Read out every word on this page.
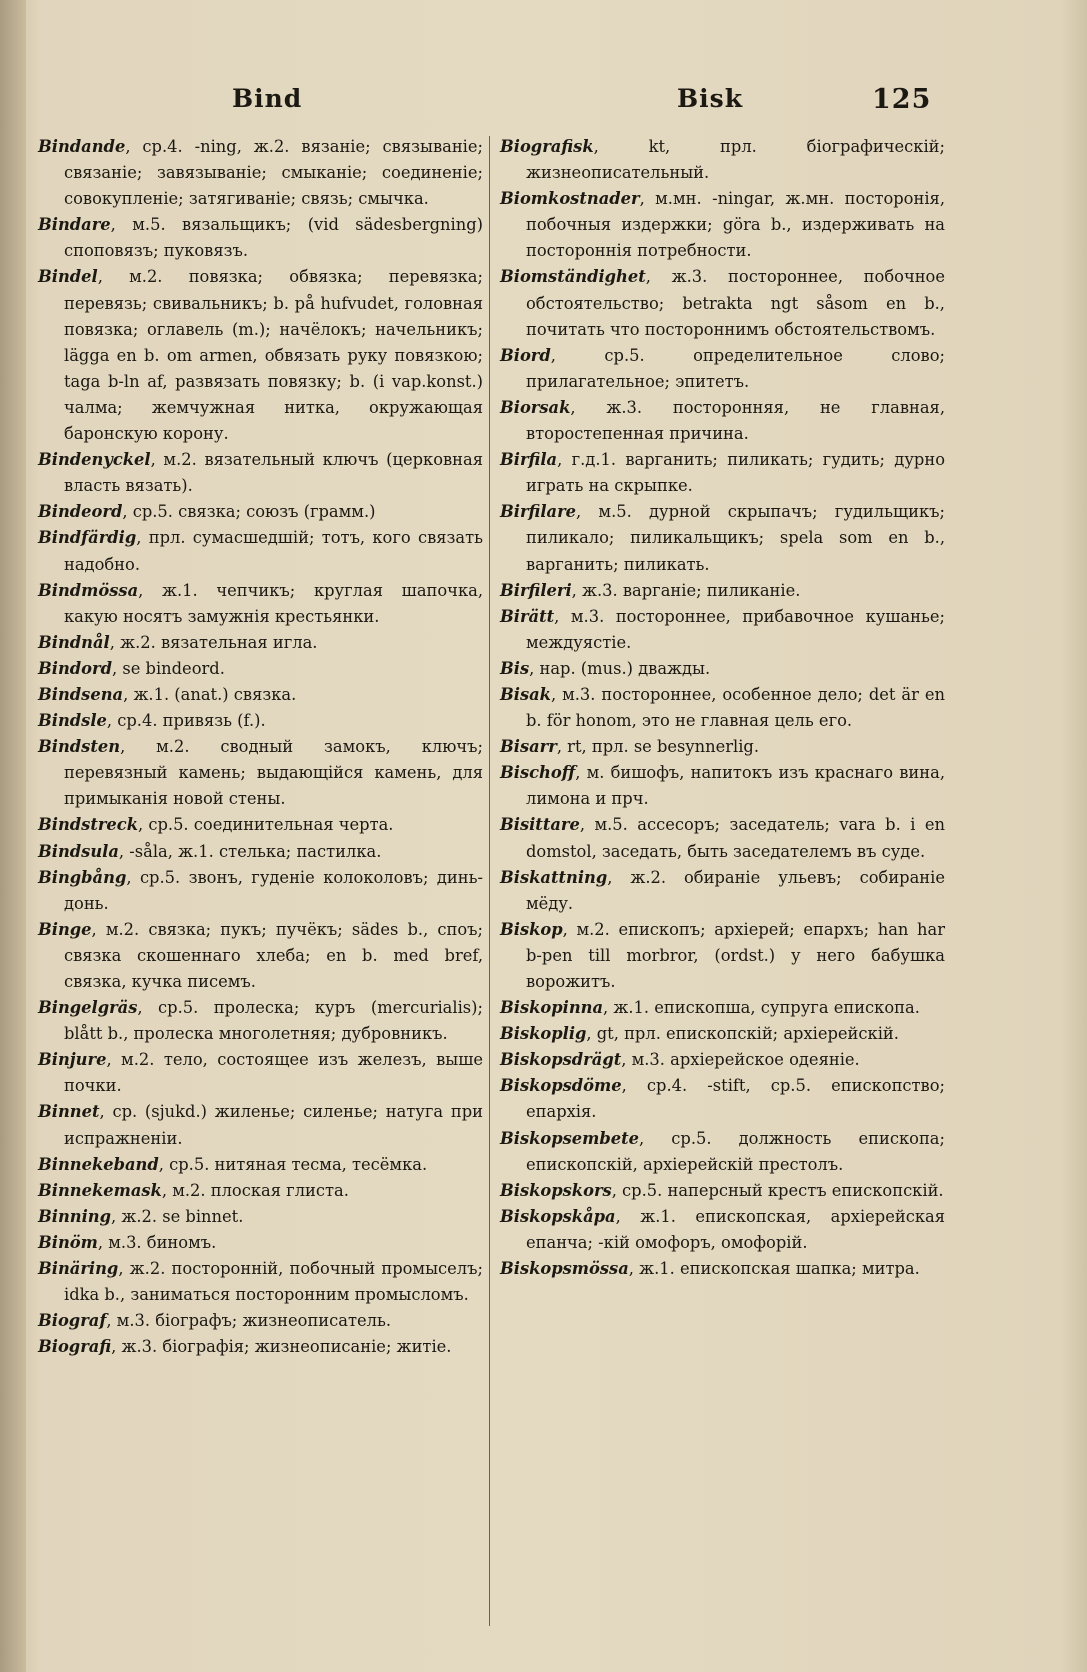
Bind	Bisk	125

Bindande, ср.4. -ning, ж.2. вязаніе; связываніе; связаніе; завязываніе; смыканіе; соединеніе; совокупленіе; затягиваніе; связь; смычка.

Bindare, м.5. вязальщикъ; (vid sädesbergning) споповязъ; пуковязъ.

Bindel, м.2. повязка; обвязка; перевязка; перевязь; свивальникъ; b. på hufvudet, головная повязка; оглавель (m.); начёлокъ; начельникъ; lägga en b. om armen, обвязать руку повязкою; taga b-ln af, развязать повязку; b. (i vap.konst.) чалма; жемчужная нитка, окружающая баронскую корону.

Bindenyckel, м.2. вязательный ключъ (церковная власть вязать).

Bindeord, ср.5. связка; союзъ (грамм.)

Bindfärdig, прл. сумасшедшій; тотъ, кого связать надобно.

Bindmössa, ж.1. чепчикъ; круглая шапочка, какую носятъ замужнія крестьянки.

Bindnål, ж.2. вязательная игла.

Bindord, se bindeord.

Bindsena, ж.1. (anat.) связка.

Bindsle, ср.4. привязь (f.).

Bindsten, м.2. сводный замокъ, ключъ; перевязный камень; выдающійся камень, для примыканія новой стены.

Bindstreck, ср.5. соединительная черта.

Bindsula, -såla, ж.1. стелька; пастилка.

Bingbång, ср.5. звонъ, гуденіе колоколовъ; динь-донь.

Binge, м.2. связка; пукъ; пучёкъ; sädes b., споъ; связка скошеннаго хлеба; en b. med bref, связка, кучка писемъ.

Bingelgräs, ср.5. пролеска; куръ (mercurialis); blått b., пролеска многолетняя; дубровникъ.

Binjure, м.2. тело, состоящее изъ железъ, выше почки.

Binnet, ср. (sjukd.) жиленье; силенье; натуга при испражненіи.

Binnekeband, ср.5. нитяная тесма, тесёмка.

Binnekemask, м.2. плоская глиста.

Binning, ж.2. se binnet.

Binöm, м.3. биномъ.

Binäring, ж.2. посторонній, побочный промыселъ; idka b., заниматься посторонним промысломъ.

Biograf, м.3. біографъ; жизнеописатель.

Biografi, ж.3. біографія; жизнеописаніе; житіе.

Biografisk, kt, прл. біографическій; жизнеописательный.

Biomkostnader, м.мн. -ningar, ж.мн. посторонія, побочныя издержки; göra b., издерживать на постороннія потребности.

Biomständighet, ж.3. постороннее, побочное обстоятельство; betrakta ngt såsom en b., почитать что постороннимъ обстоятельствомъ.

Biord, ср.5. определительное слово; прилагательное; эпитетъ.

Biorsak, ж.3. посторонняя, не главная, второстепенная причина.

Birfila, г.д.1. варганить; пиликать; гудить; дурно играть на скрыпке.

Birfilare, м.5. дурной скрыпачъ; гудильщикъ; пиликало; пиликальщикъ; spela som en b., варганить; пиликать.

Birfileri, ж.3. варганіе; пиликаніе.

Birätt, м.3. постороннее, прибавочное кушанье; междуястіе.

Bis, нар. (mus.) дважды.

Bisak, м.3. постороннее, особенное дело; det är en b. för honom, это не главная цель его.

Bisarr, rt, прл. se besynnerlig.

Bischoff, м. бишофъ, напитокъ изъ краснаго вина, лимона и прч.

Bisittare, м.5. ассесоръ; заседатель; vara b. i en domstol, заседать, быть заседателемъ въ суде.

Biskattning, ж.2. обираніе ульевъ; собираніе мёду.

Biskop, м.2. епископъ; архіерей; епархъ; han har b-pen till morbror, (ordst.) у него бабушка ворожитъ.

Biskopinna, ж.1. епископша, супруга епископа.

Biskoplig, gt, прл. епископскій; архіерейскій.

Biskopsdrägt, м.3. архіерейское одеяніе.

Biskopsdöme, ср.4. -stift, ср.5. епископство; епархія.

Biskopsembete, ср.5. должность епископа; епископскій, архіерейскій престолъ.

Biskopskors, ср.5. наперсный крестъ епископскій.

Biskopskåpa, ж.1. епископская, архіерейская епанча; -кій омофоръ, омофорій.

Biskopsmössa, ж.1. епископская шапка; митра.
